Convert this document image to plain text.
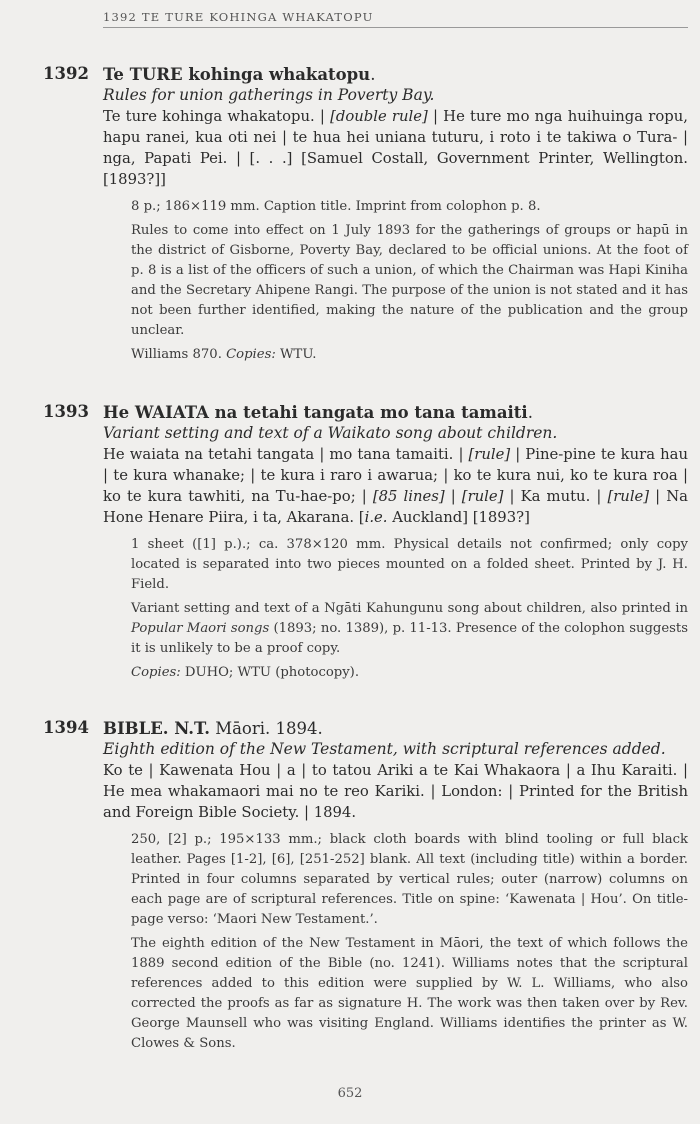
1392 TE TURE KOHINGA WHAKATOPU
1392 Te TURE kohinga whakatopu.

Rules for union gatherings in Poverty Bay.

Te ture kohinga whakatopu. | [double rule] | He ture mo nga huihuinga ropu, hapu ranei, kua oti nei | te hua hei uniana tuturu, i roto i te takiwa o Tura- | nga, Papati Pei. | [. . .] [Samuel Costall, Government Printer, Wellington. [1893?]]

8 p.; 186×119 mm. Caption title. Imprint from colophon p. 8.

Rules to come into effect on 1 July 1893 for the gatherings of groups or hapū in the district of Gisborne, Poverty Bay, declared to be official unions. At the foot of p. 8 is a list of the officers of such a union, of which the Chairman was Hapi Kiniha and the Secretary Ahipene Rangi. The purpose of the union is not stated and it has not been further identified, making the nature of the publication and the group unclear.

Williams 870. Copies: WTU.

1393 He WAIATA na tetahi tangata mo tana tamaiti.

Variant setting and text of a Waikato song about children.

He waiata na tetahi tangata | mo tana tamaiti. | [rule] | Pine-pine te kura hau | te kura whanake; | te kura i raro i awarua; | ko te kura nui, ko te kura roa | ko te kura tawhiti, na Tu-hae-po; | [85 lines] | [rule] | Ka mutu. | [rule] | Na Hone Henare Piira, i ta, Akarana. [i.e. Auckland] [1893?]

1 sheet ([1] p.).; ca. 378×120 mm. Physical details not confirmed; only copy located is separated into two pieces mounted on a folded sheet. Printed by J. H. Field.

Variant setting and text of a Ngāti Kahungunu song about children, also printed in Popular Maori songs (1893; no. 1389), p. 11-13. Presence of the colophon suggests it is unlikely to be a proof copy.

Copies: DUHO; WTU (photocopy).

1394 BIBLE. N.T. Māori. 1894.

Eighth edition of the New Testament, with scriptural references added.

Ko te | Kawenata Hou | a | to tatou Ariki a te Kai Whakaora | a Ihu Karaiti. | He mea whakamaori mai no te reo Kariki. | London: | Printed for the British and Foreign Bible Society. | 1894.

250, [2] p.; 195×133 mm.; black cloth boards with blind tooling or full black leather. Pages [1-2], [6], [251-252] blank. All text (including title) within a border. Printed in four columns separated by vertical rules; outer (narrow) columns on each page are of scriptural references. Title on spine: ‘Kawenata | Hou’. On title-page verso: ‘Maori New Testament.’.

The eighth edition of the New Testament in Māori, the text of which follows the 1889 second edition of the Bible (no. 1241). Williams notes that the scriptural references added to this edition were supplied by W. L. Williams, who also corrected the proofs as far as signature H. The work was then taken over by Rev. George Maunsell who was visiting England. Williams identifies the printer as W. Clowes & Sons.

652
